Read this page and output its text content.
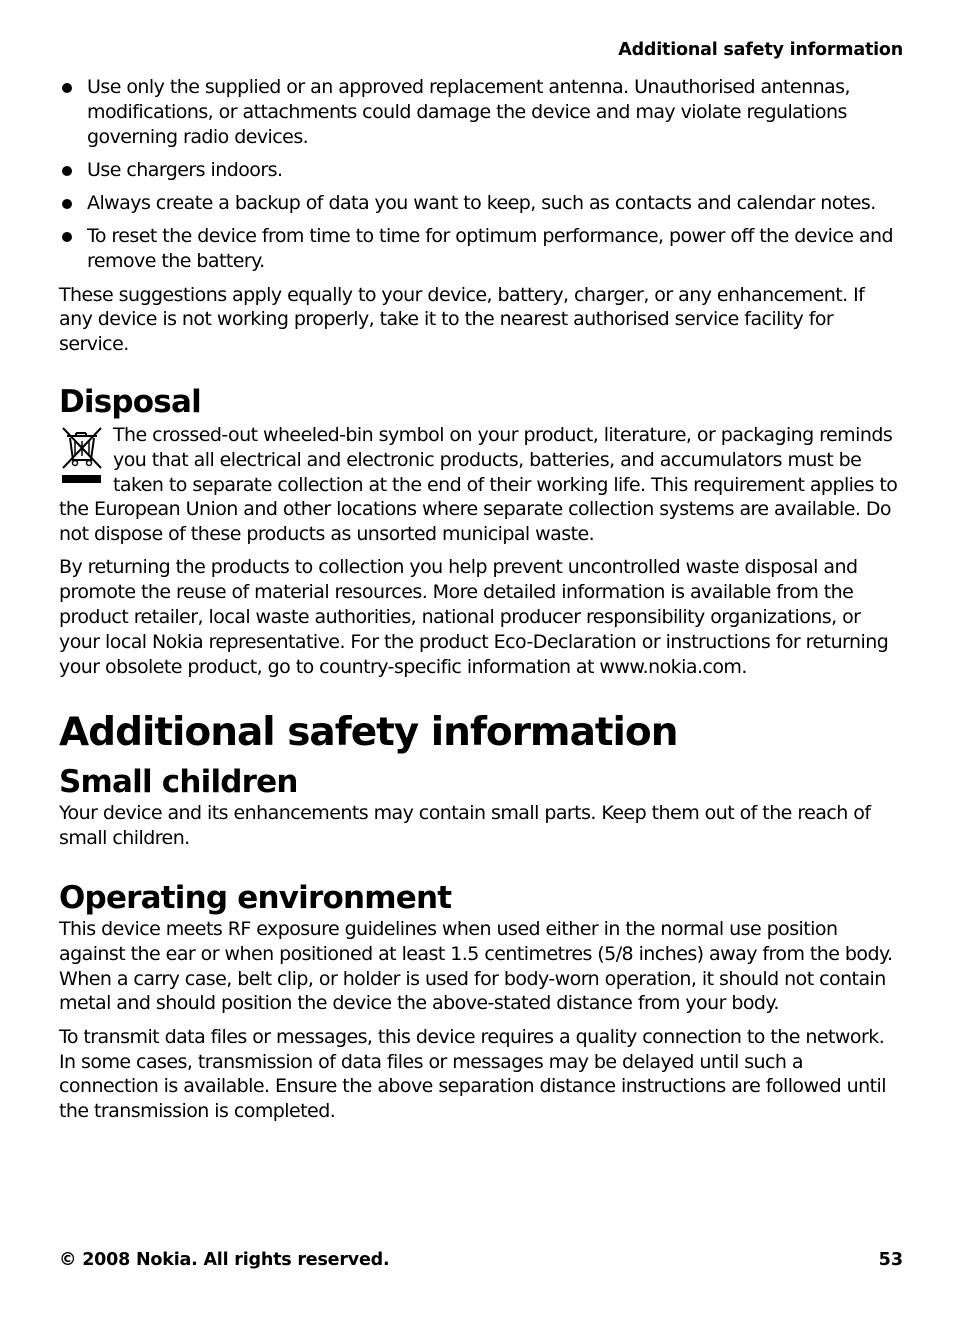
Additional safety information
Use only the supplied or an approved replacement antenna. Unauthorised antennas, modifications, or attachments could damage the device and may violate regulations governing radio devices.
Use chargers indoors.
Always create a backup of data you want to keep, such as contacts and calendar notes.
To reset the device from time to time for optimum performance, power off the device and remove the battery.

These suggestions apply equally to your device, battery, charger, or any enhancement. If any device is not working properly, take it to the nearest authorised service facility for service.

Disposal

The crossed-out wheeled-bin symbol on your product, literature, or packaging reminds you that all electrical and electronic products, batteries, and accumulators must be taken to separate collection at the end of their working life. This requirement applies to the European Union and other locations where separate collection systems are available. Do not dispose of these products as unsorted municipal waste.

By returning the products to collection you help prevent uncontrolled waste disposal and promote the reuse of material resources. More detailed information is available from the product retailer, local waste authorities, national producer responsibility organizations, or your local Nokia representative. For the product Eco-Declaration or instructions for returning your obsolete product, go to country-specific information at www.nokia.com.

Additional safety information
Small children

Your device and its enhancements may contain small parts. Keep them out of the reach of small children.

Operating environment

This device meets RF exposure guidelines when used either in the normal use position against the ear or when positioned at least 1.5 centimetres (5/8 inches) away from the body. When a carry case, belt clip, or holder is used for body-worn operation, it should not contain metal and should position the device the above-stated distance from your body.

To transmit data files or messages, this device requires a quality connection to the network. In some cases, transmission of data files or messages may be delayed until such a connection is available. Ensure the above separation distance instructions are followed until the transmission is completed.

© 2008 Nokia. All rights reserved.	53
